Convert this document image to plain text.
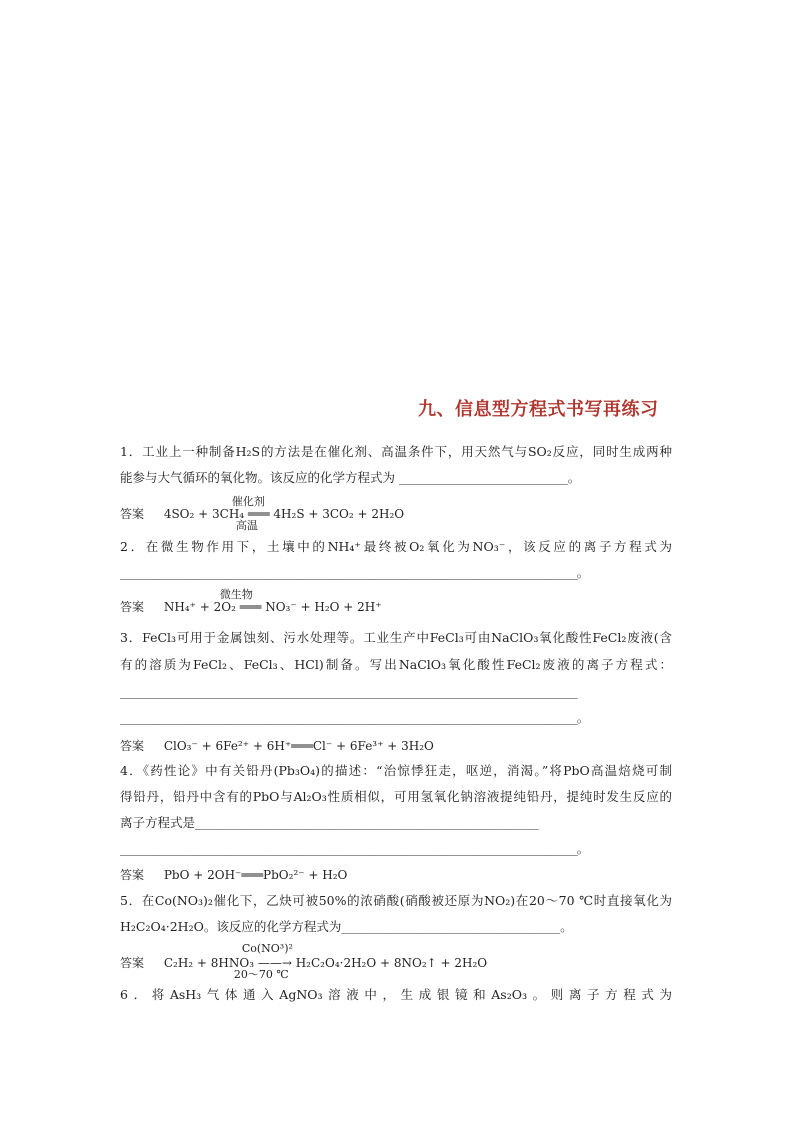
九、信息型方程式书写再练习
1．工业上一种制备H₂S的方法是在催化剂、高温条件下，用天然气与SO₂反应，同时生成两种
能参与大气循环的氧化物。该反应的化学方程式为 ___________________________。
答案
催化剂
高温
4SO₂ + 3CH₄ ═══ 4H₂S + 3CO₂ + 2H₂O
2．在微生物作用下，土壤中的NH₄⁺最终被O₂氧化为NO₃⁻，该反应的离子方程式为
______________________________________________________________________。
答案
微生物
NH₄⁺ + 2O₂ ═══ NO₃⁻ + H₂O + 2H⁺
3．FeCl₃可用于金属蚀刻、污水处理等。工业生产中FeCl₃可由NaClO₃氧化酸性FeCl₂废液(含
有的溶质为FeCl₂、FeCl₃、HCl)制备。写出NaClO₃氧化酸性FeCl₂废液的离子方程式：
______________________________________________________________________
______________________________________________________________________。
答案 ClO₃⁻ + 6Fe²⁺ + 6H⁺═══Cl⁻ + 6Fe³⁺ + 3H₂O
4．《药性论》中有关铅丹(Pb₃O₄)的描述：“治惊悸狂走，呕逆，消渴。”将PbO高温焙烧可制
得铅丹，铅丹中含有的PbO与Al₂O₃性质相似，可用氢氧化钠溶液提纯铅丹，提纯时发生反应的
离子方程式是_______________________________________________________
______________________________________________________________________。
答案 PbO + 2OH⁻═══PbO₂²⁻ + H₂O
5．在Co(NO₃)₂催化下，乙炔可被50%的浓硝酸(硝酸被还原为NO₂)在20～70 ℃时直接氧化为
H₂C₂O₄·2H₂O。该反应的化学方程式为___________________________________。
答案
Co(NO³)²
20～70 ℃
C₂H₂ + 8HNO₃ ——→ H₂C₂O₄·2H₂O + 8NO₂↑ + 2H₂O
6．将AsH₃气体通入AgNO₃溶液中，生成银镜和As₂O₃。则离子方程式为
